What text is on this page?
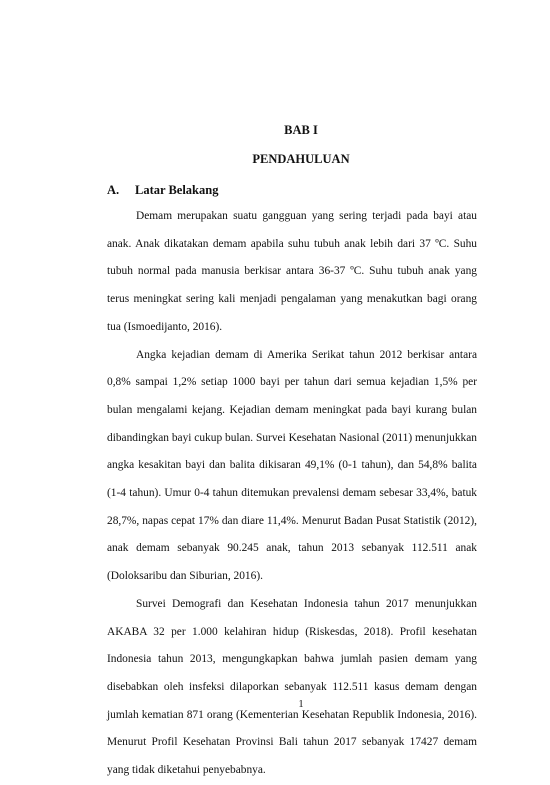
BAB I
PENDAHULUAN
A. Latar Belakang

Demam merupakan suatu gangguan yang sering terjadi pada bayi atau anak. Anak dikatakan demam apabila suhu tubuh anak lebih dari 37 ºC. Suhu tubuh normal pada manusia berkisar antara 36-37 ºC. Suhu tubuh anak yang terus meningkat sering kali menjadi pengalaman yang menakutkan bagi orang tua (Ismoedijanto, 2016).

Angka kejadian demam di Amerika Serikat tahun 2012 berkisar antara 0,8% sampai 1,2% setiap 1000 bayi per tahun dari semua kejadian 1,5% per bulan mengalami kejang. Kejadian demam meningkat pada bayi kurang bulan dibandingkan bayi cukup bulan. Survei Kesehatan Nasional (2011) menunjukkan angka kesakitan bayi dan balita dikisaran 49,1% (0-1 tahun), dan 54,8% balita (1-4 tahun). Umur 0-4 tahun ditemukan prevalensi demam sebesar 33,4%, batuk 28,7%, napas cepat 17% dan diare 11,4%. Menurut Badan Pusat Statistik (2012), anak demam sebanyak 90.245 anak, tahun 2013 sebanyak 112.511 anak (Doloksaribu dan Siburian, 2016).

Survei Demografi dan Kesehatan Indonesia tahun 2017 menunjukkan AKABA 32 per 1.000 kelahiran hidup (Riskesdas, 2018). Profil kesehatan Indonesia tahun 2013, mengungkapkan bahwa jumlah pasien demam yang disebabkan oleh insfeksi dilaporkan sebanyak 112.511 kasus demam dengan jumlah kematian 871 orang (Kementerian Kesehatan Republik Indonesia, 2016). Menurut Profil Kesehatan Provinsi Bali tahun 2017 sebanyak 17427 demam yang tidak diketahui penyebabnya.

1
